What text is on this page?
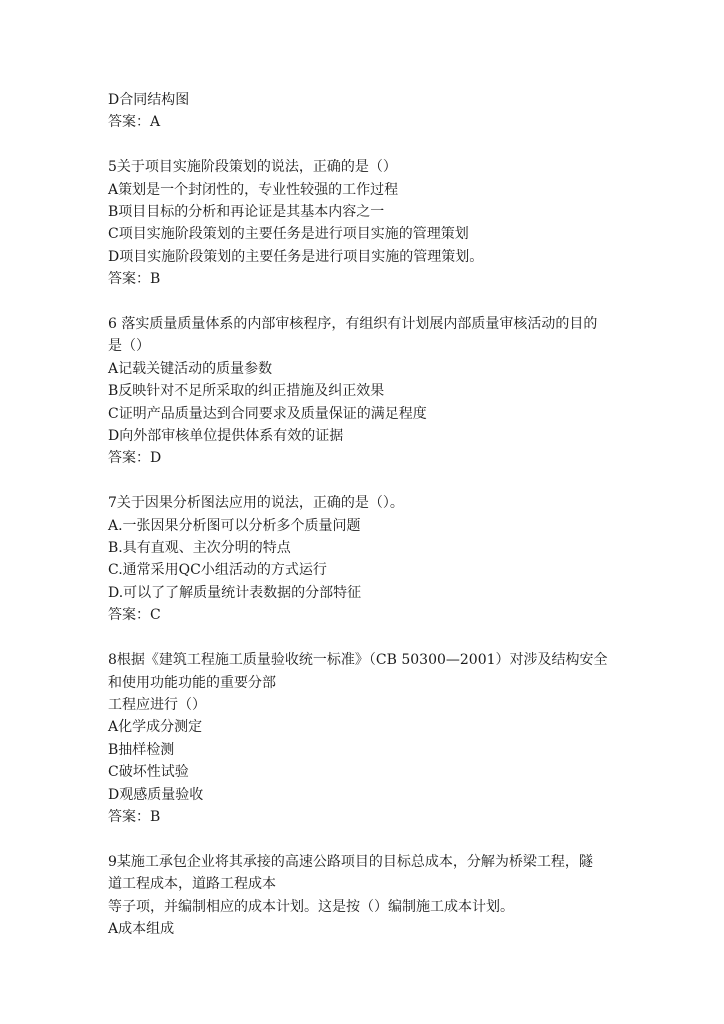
D合同结构图
答案：A
5关于项目实施阶段策划的说法，正确的是（）
A策划是一个封闭性的，专业性较强的工作过程
B项目目标的分析和再论证是其基本内容之一
C项目实施阶段策划的主要任务是进行项目实施的管理策划
D项目实施阶段策划的主要任务是进行项目实施的管理策划。
答案：B
6 落实质量质量体系的内部审核程序，有组织有计划展内部质量审核活动的目的
是（）
A记载关键活动的质量参数
B反映针对不足所采取的纠正措施及纠正效果
C证明产品质量达到合同要求及质量保证的满足程度
D向外部审核单位提供体系有效的证据
答案：D
7关于因果分析图法应用的说法，正确的是（）。
A.一张因果分析图可以分析多个质量问题
B.具有直观、主次分明的特点
C.通常采用QC小组活动的方式运行
D.可以了了解质量统计表数据的分部特征
答案：C
8根据《建筑工程施工质量验收统一标准》（CB 50300—2001）对涉及结构安全
和使用功能功能的重要分部
工程应进行（）
A化学成分测定
B抽样检测
C破坏性试验
D观感质量验收
答案：B
9某施工承包企业将其承接的高速公路项目的目标总成本，分解为桥梁工程，隧
道工程成本，道路工程成本
等子项，并编制相应的成本计划。这是按（）编制施工成本计划。
A成本组成
